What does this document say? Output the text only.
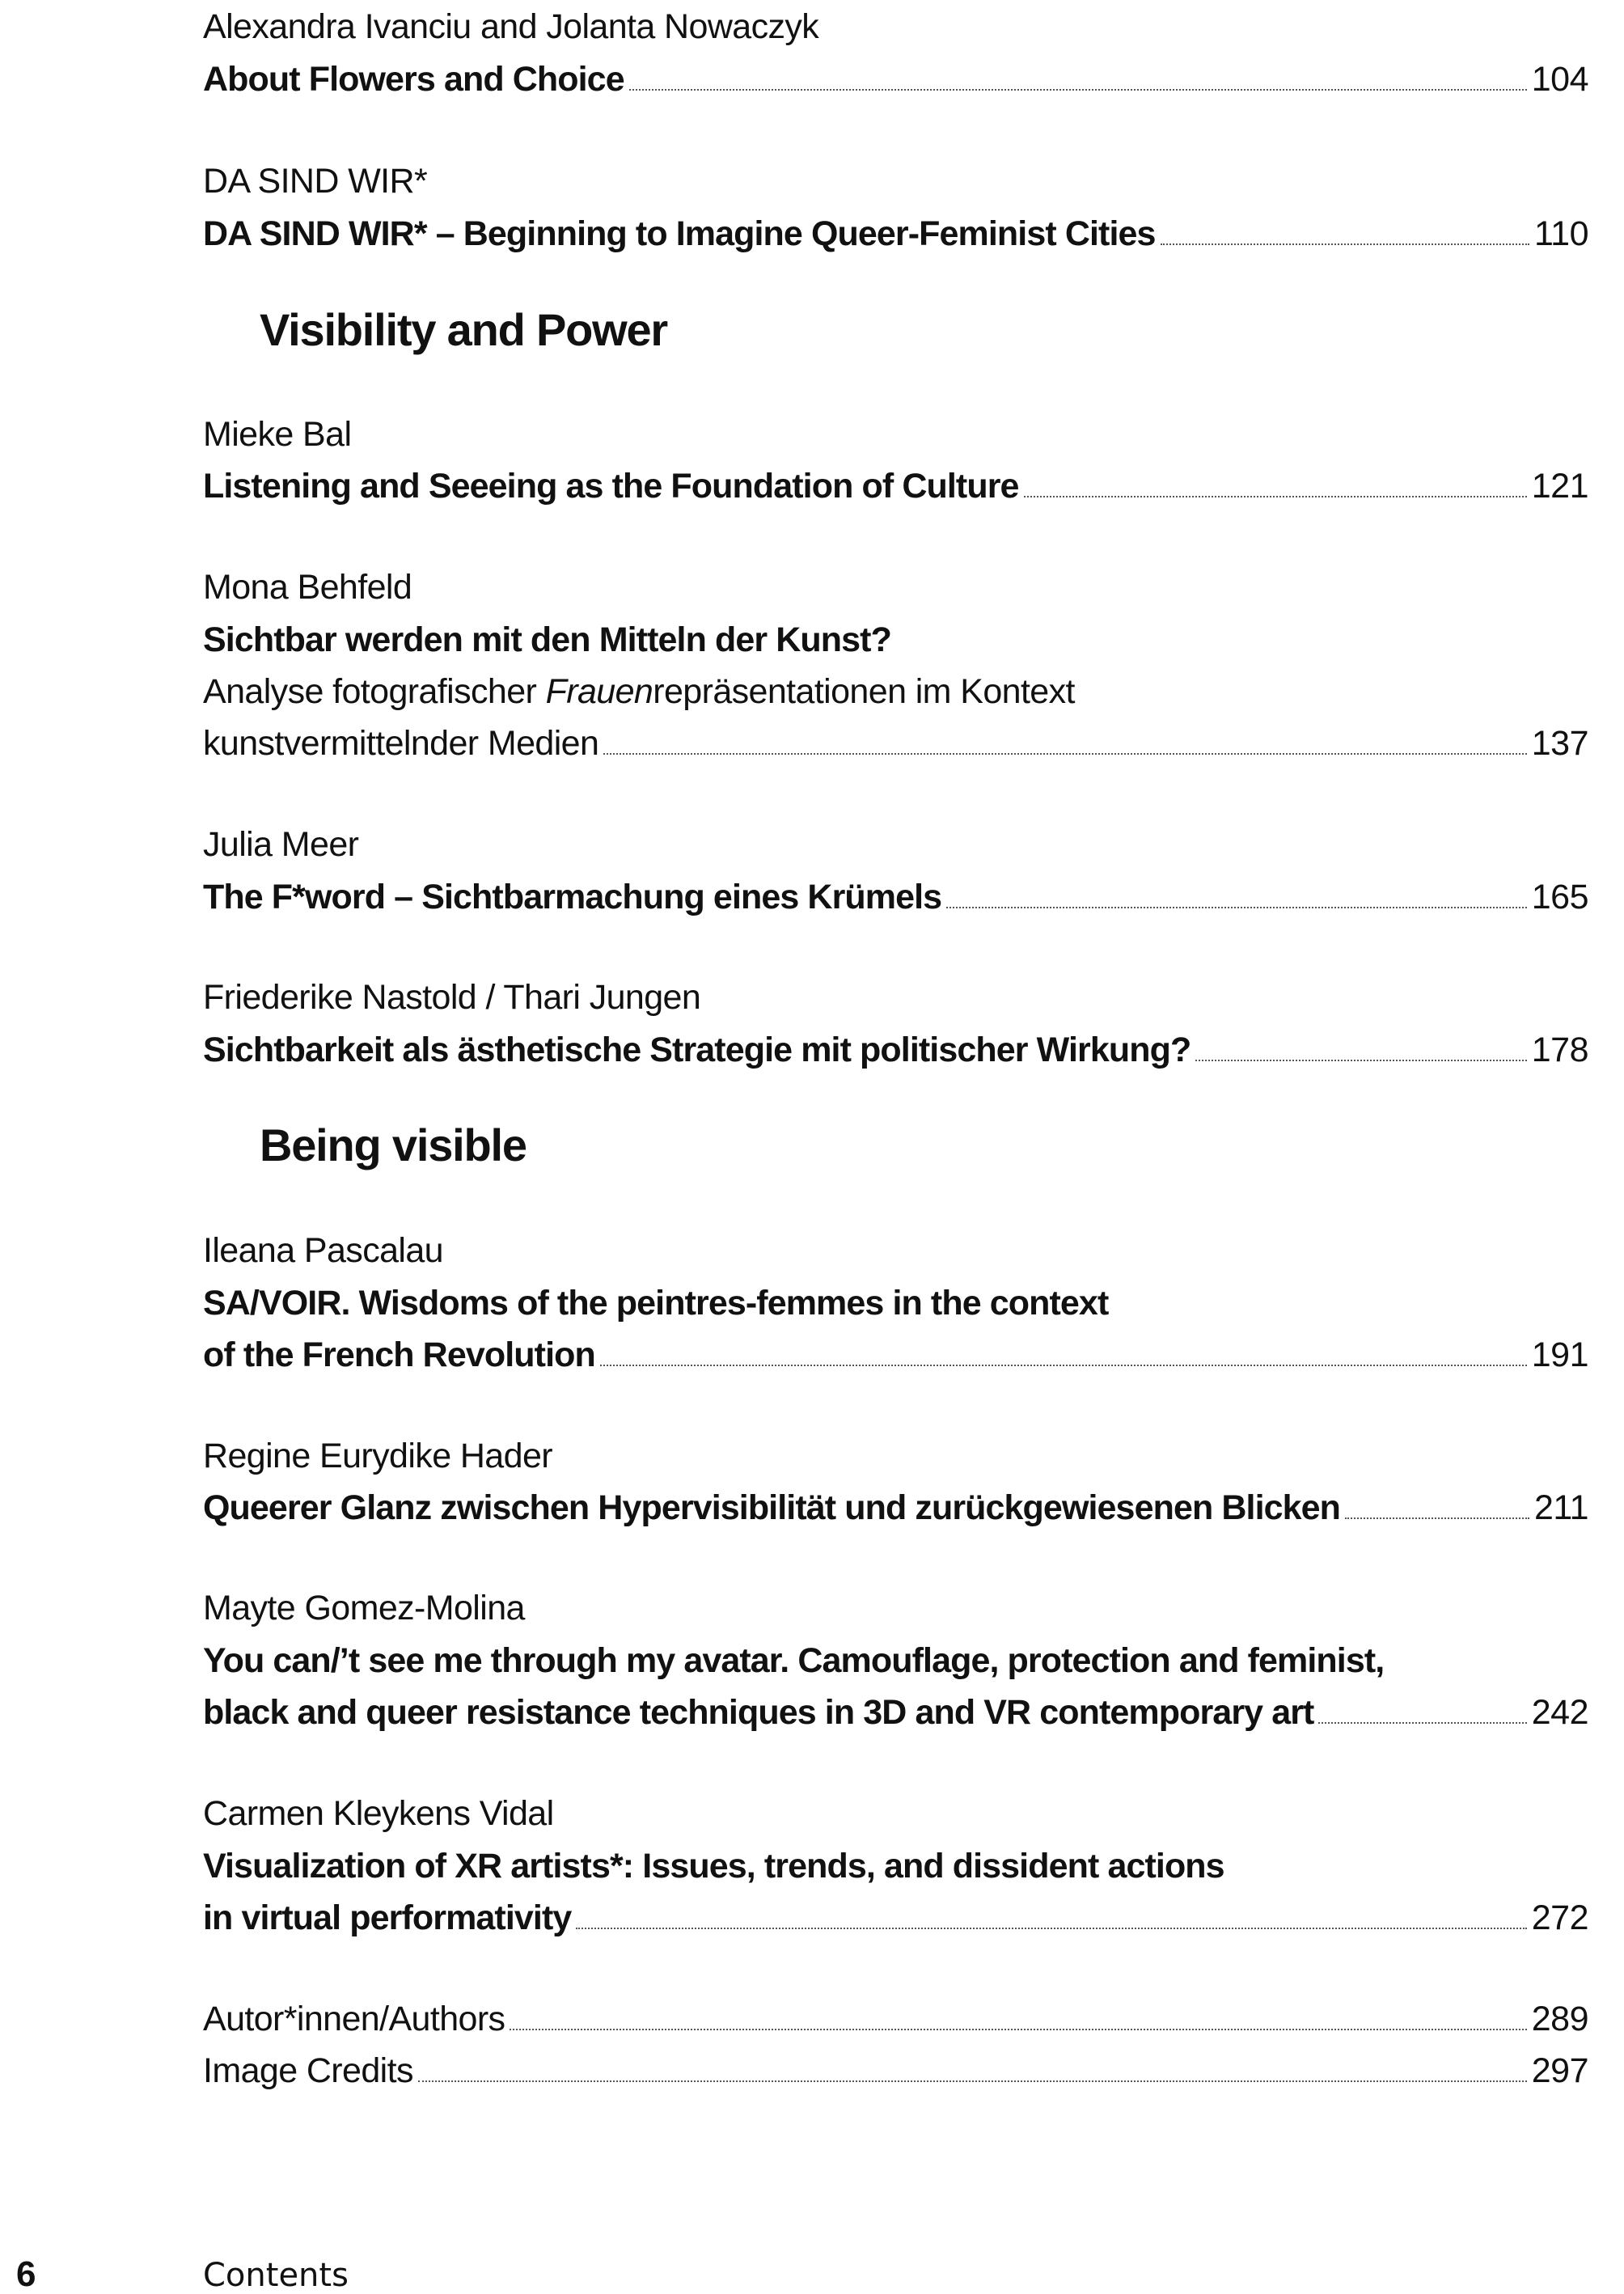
Alexandra Ivanciu and Jolanta Nowaczyk
About Flowers and Choice	104
DA SIND WIR*
DA SIND WIR* – Beginning to Imagine Queer-Feminist Cities	110
Visibility and Power
Mieke Bal
Listening and Seeeing as the Foundation of Culture	121
Mona Behfeld
Sichtbar werden mit den Mitteln der Kunst?
Analyse fotografischer Frauenrepräsentationen im Kontext
kunstvermittelnder Medien	137
Julia Meer
The F*word – Sichtbarmachung eines Krümels	165
Friederike Nastold / Thari Jungen
Sichtbarkeit als ästhetische Strategie mit politischer Wirkung?	178
Being visible
Ileana Pascalau
SA/VOIR. Wisdoms of the peintres-femmes in the context
of the French Revolution	191
Regine Eurydike Hader
Queerer Glanz zwischen Hypervisibilität und zurückgewiesenen Blicken	211
Mayte Gomez-Molina
You can/’t see me through my avatar. Camouflage, protection and feminist,
black and queer resistance techniques in 3D and VR contemporary art	242
Carmen Kleykens Vidal
Visualization of XR artists*: Issues, trends, and dissident actions
in virtual performativity	272
Autor*innen/Authors	289
Image Credits	297
6	Contents
